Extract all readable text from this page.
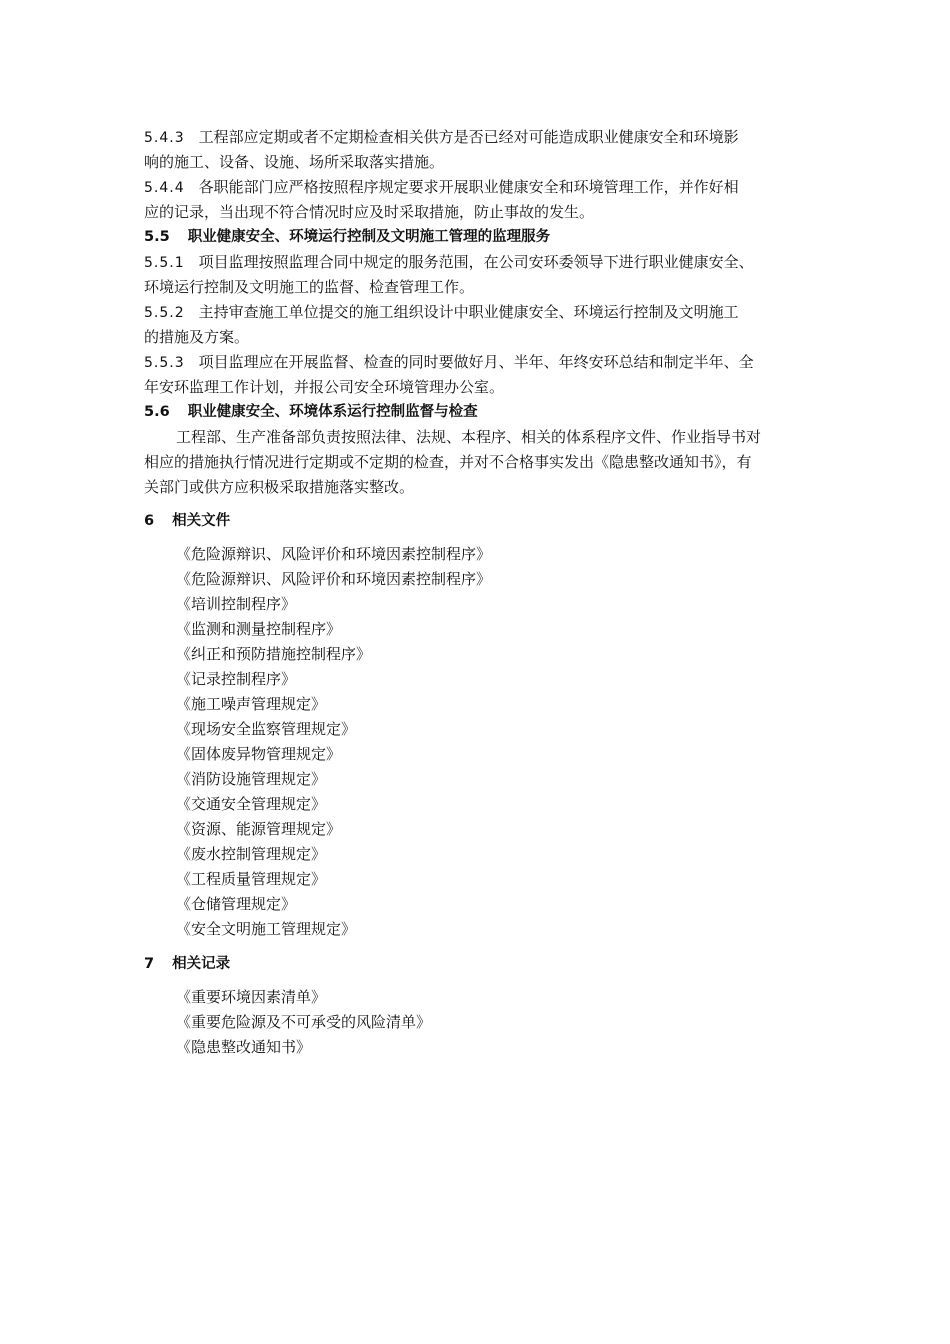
5.4.3 工程部应定期或者不定期检查相关供方是否已经对可能造成职业健康安全和环境影
响的施工、设备、设施、场所采取落实措施。
5.4.4 各职能部门应严格按照程序规定要求开展职业健康安全和环境管理工作，并作好相
应的记录，当出现不符合情况时应及时采取措施，防止事故的发生。
5.5 职业健康安全、环境运行控制及文明施工管理的监理服务
5.5.1 项目监理按照监理合同中规定的服务范围，在公司安环委领导下进行职业健康安全、
环境运行控制及文明施工的监督、检查管理工作。
5.5.2 主持审查施工单位提交的施工组织设计中职业健康安全、环境运行控制及文明施工
的措施及方案。
5.5.3 项目监理应在开展监督、检查的同时要做好月、半年、年终安环总结和制定半年、全
年安环监理工作计划，并报公司安全环境管理办公室。
5.6 职业健康安全、环境体系运行控制监督与检查
工程部、生产准备部负责按照法律、法规、本程序、相关的体系程序文件、作业指导书对
相应的措施执行情况进行定期或不定期的检查，并对不合格事实发出《隐患整改通知书》，有
关部门或供方应积极采取措施落实整改。
6 相关文件
《危险源辩识、风险评价和环境因素控制程序》
《危险源辩识、风险评价和环境因素控制程序》
《培训控制程序》
《监测和测量控制程序》
《纠正和预防措施控制程序》
《记录控制程序》
《施工噪声管理规定》
《现场安全监察管理规定》
《固体废异物管理规定》
《消防设施管理规定》
《交通安全管理规定》
《资源、能源管理规定》
《废水控制管理规定》
《工程质量管理规定》
《仓储管理规定》
《安全文明施工管理规定》
7 相关记录
《重要环境因素清单》
《重要危险源及不可承受的风险清单》
《隐患整改通知书》
